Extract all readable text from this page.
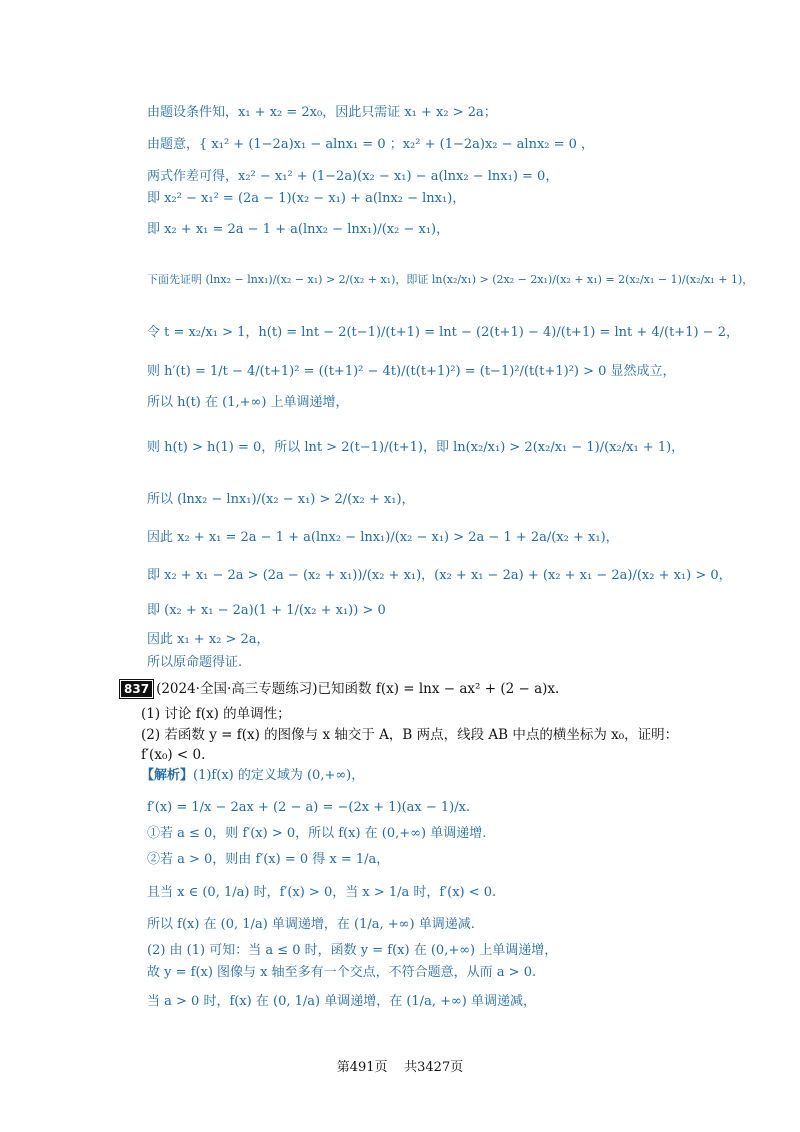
由题设条件知，x₁ + x₂ = 2x₀，因此只需证 x₁ + x₂ > 2a；
由题意，{ x₁² + (1−2a)x₁ − alnx₁ = 0 ；x₂² + (1−2a)x₂ − alnx₂ = 0 ，
两式作差可得，x₂² − x₁² + (1−2a)(x₂ − x₁) − a(lnx₂ − lnx₁) = 0，
即 x₂² − x₁² = (2a − 1)(x₂ − x₁) + a(lnx₂ − lnx₁)，
即 x₂ + x₁ = 2a − 1 + a(lnx₂ − lnx₁)/(x₂ − x₁)，
下面先证明 (lnx₂ − lnx₁)/(x₂ − x₁) > 2/(x₂ + x₁)，即证 ln(x₂/x₁) > (2x₂ − 2x₁)/(x₂ + x₁) = 2(x₂/x₁ − 1)/(x₂/x₁ + 1)，
令 t = x₂/x₁ > 1，h(t) = lnt − 2(t−1)/(t+1) = lnt − (2(t+1) − 4)/(t+1) = lnt + 4/(t+1) − 2，
则 h′(t) = 1/t − 4/(t+1)² = ((t+1)² − 4t)/(t(t+1)²) = (t−1)²/(t(t+1)²) > 0 显然成立，
所以 h(t) 在 (1,+∞) 上单调递增，
则 h(t) > h(1) = 0，所以 lnt > 2(t−1)/(t+1)，即 ln(x₂/x₁) > 2(x₂/x₁ − 1)/(x₂/x₁ + 1)，
所以 (lnx₂ − lnx₁)/(x₂ − x₁) > 2/(x₂ + x₁)，
因此 x₂ + x₁ = 2a − 1 + a(lnx₂ − lnx₁)/(x₂ − x₁) > 2a − 1 + 2a/(x₂ + x₁)，
即 x₂ + x₁ − 2a > (2a − (x₂ + x₁))/(x₂ + x₁)，(x₂ + x₁ − 2a) + (x₂ + x₁ − 2a)/(x₂ + x₁) > 0，
即 (x₂ + x₁ − 2a)(1 + 1/(x₂ + x₁)) > 0
因此 x₁ + x₂ > 2a，
所以原命题得证.
837 (2024·全国·高三专题练习)已知函数 f(x) = lnx − ax² + (2 − a)x.
(1) 讨论 f(x) 的单调性；
(2) 若函数 y = f(x) 的图像与 x 轴交于 A，B 两点，线段 AB 中点的横坐标为 x₀，证明：
f′(x₀) < 0.
【解析】(1)f(x) 的定义域为 (0,+∞)，
f′(x) = 1/x − 2ax + (2 − a) = −(2x + 1)(ax − 1)/x.
①若 a ≤ 0，则 f′(x) > 0，所以 f(x) 在 (0,+∞) 单调递增.
②若 a > 0，则由 f′(x) = 0 得 x = 1/a，
且当 x ∈ (0, 1/a) 时，f′(x) > 0，当 x > 1/a 时，f′(x) < 0.
所以 f(x) 在 (0, 1/a) 单调递增，在 (1/a, +∞) 单调递减.
(2) 由 (1) 可知：当 a ≤ 0 时，函数 y = f(x) 在 (0,+∞) 上单调递增，
故 y = f(x) 图像与 x 轴至多有一个交点，不符合题意，从而 a > 0.
当 a > 0 时，f(x) 在 (0, 1/a) 单调递增，在 (1/a, +∞) 单调递减，
第491页 共3427页
